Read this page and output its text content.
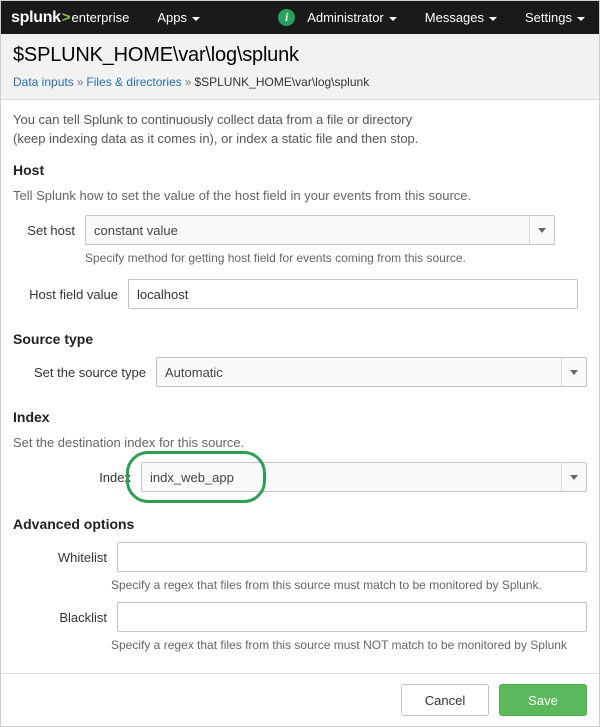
splunk > enterprise Apps	i	Administrator	Messages	Settings
$SPLUNK_HOME\var\log\splunk
Data inputs » Files & directories » $SPLUNK_HOME\var\log\splunk
You can tell Splunk to continuously collect data from a file or directory
(keep indexing data as it comes in), or index a static file and then stop.
Host
Tell Splunk how to set the value of the host field in your events from this source.
Set host	constant value
Specify method for getting host field for events coming from this source.
Host field value	localhost
Source type
Set the source type	Automatic
Index
Set the destination index for this source.
Index	indx_web_app
Advanced options
Whitelist
Specify a regex that files from this source must match to be monitored by Splunk.
Blacklist
Specify a regex that files from this source must NOT match to be monitored by Splunk
Cancel	Save
